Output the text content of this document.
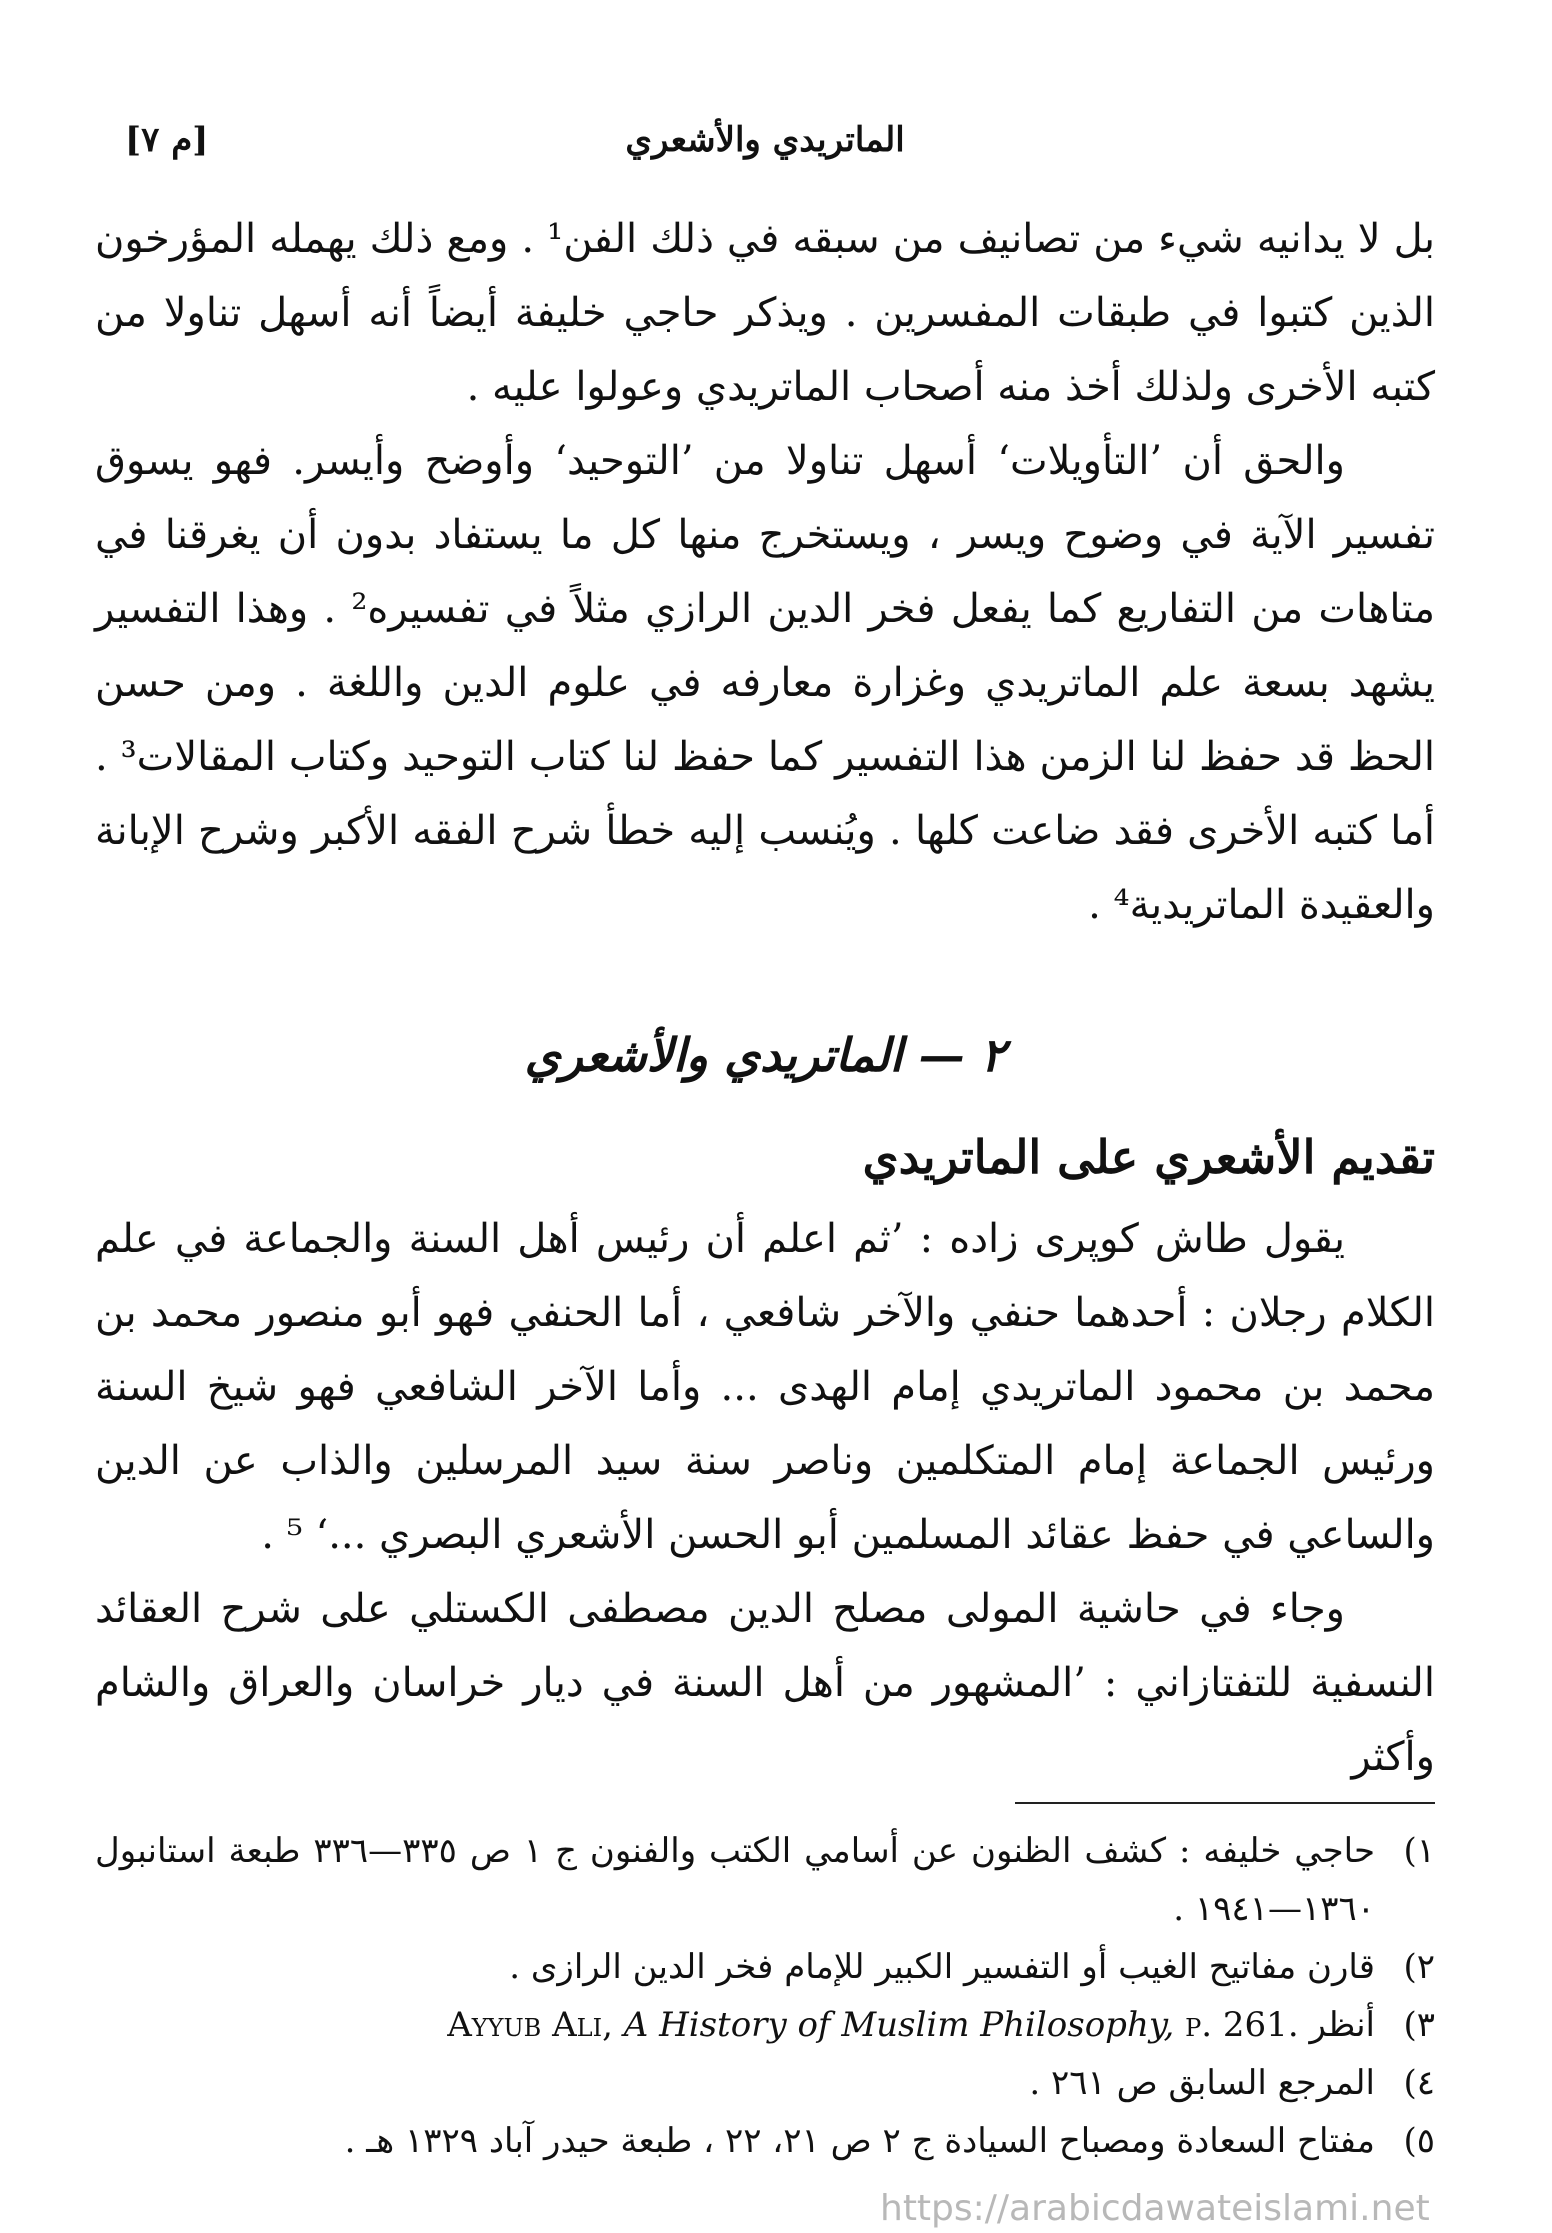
الماتريدي والأشعري
[م ٧]

بل لا يدانيه شيء من تصانيف من سبقه في ذلك الفن¹ . ومع ذلك يهمله المؤرخون الذين كتبوا في طبقات المفسرين . ويذكر حاجي خليفة أيضاً أنه أسهل تناولا من كتبه الأخرى ولذلك أخذ منه أصحاب الماتريدي وعولوا عليه .

والحق أن ’التأويلات‘ أسهل تناولا من ’التوحيد‘ وأوضح وأيسر. فهو يسوق تفسير الآية في وضوح ويسر ، ويستخرج منها كل ما يستفاد بدون أن يغرقنا في متاهات من التفاريع كما يفعل فخر الدين الرازي مثلاً في تفسيره² . وهذا التفسير يشهد بسعة علم الماتريدي وغزارة معارفه في علوم الدين واللغة . ومن حسن الحظ قد حفظ لنا الزمن هذا التفسير كما حفظ لنا كتاب التوحيد وكتاب المقالات³ . أما كتبه الأخرى فقد ضاعت كلها . ويُنسب إليه خطأ شرح الفقه الأكبر وشرح الإبانة والعقيدة الماتريدية⁴ .

٢ — الماتريدي والأشعري
تقديم الأشعري على الماتريدي

يقول طاش كوپرى زاده : ’ثم اعلم أن رئيس أهل السنة والجماعة في علم الكلام رجلان : أحدهما حنفي والآخر شافعي ، أما الحنفي فهو أبو منصور محمد بن محمد بن محمود الماتريدي إمام الهدى ... وأما الآخر الشافعي فهو شيخ السنة ورئيس الجماعة إمام المتكلمين وناصر سنة سيد المرسلين والذاب عن الدين والساعي في حفظ عقائد المسلمين أبو الحسن الأشعري البصري ...‘ ⁵ .

وجاء في حاشية المولى مصلح الدين مصطفى الكستلي على شرح العقائد النسفية للتفتازاني : ’المشهور من أهل السنة في ديار خراسان والعراق والشام وأكثر

١)
حاجي خليفه : كشف الظنون عن أسامي الكتب والفنون ج ١ ص ٣٣٥—٣٣٦ طبعة استانبول ١٣٦٠—١٩٤١ .
٢)
قارن مفاتيح الغيب أو التفسير الكبير للإمام فخر الدين الرازى .
٣)
أنظر Ayyub Ali, A History of Muslim Philosophy, p. 261.
٤)
المرجع السابق ص ٢٦١ .
٥)
مفتاح السعادة ومصباح السيادة ج ٢ ص ٢١، ٢٢ ، طبعة حيدر آباد ١٣٢٩ هـ .
https://arabicdawateislami.net
